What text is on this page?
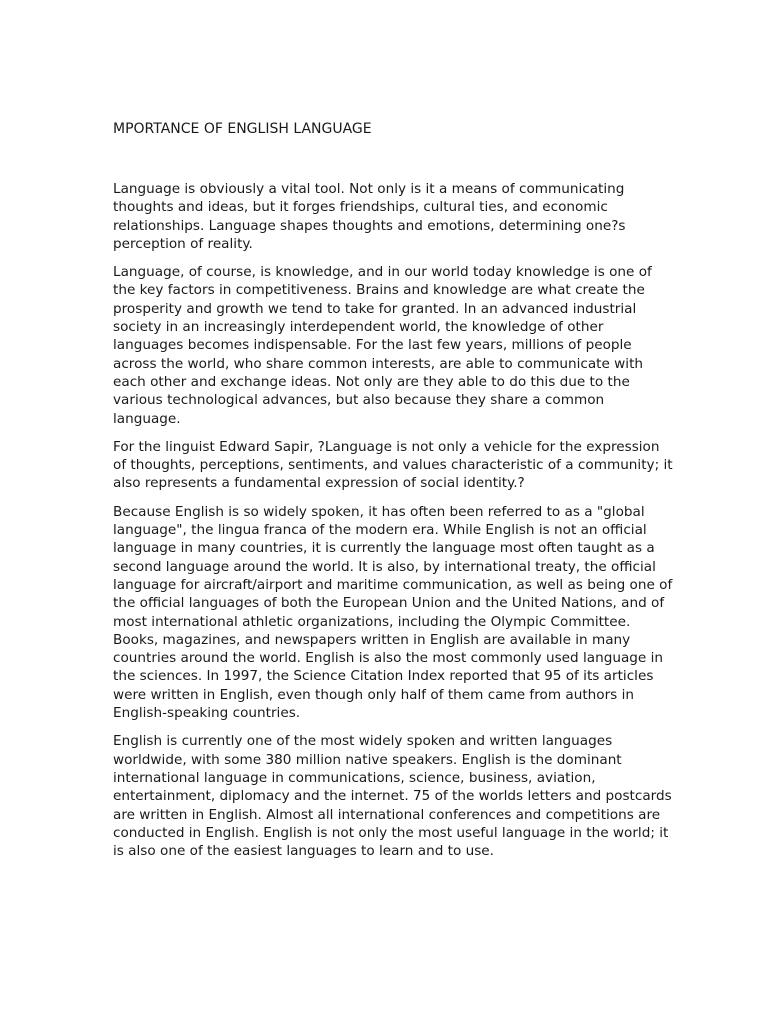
MPORTANCE OF ENGLISH LANGUAGE

Language is obviously a vital tool. Not only is it a means of communicating thoughts and ideas, but it forges friendships, cultural ties, and economic relationships. Language shapes thoughts and emotions, determining one?s perception of reality.

Language, of course, is knowledge, and in our world today knowledge is one of the key factors in competitiveness. Brains and knowledge are what create the prosperity and growth we tend to take for granted. In an advanced industrial society in an increasingly interdependent world, the knowledge of other languages becomes indispensable. For the last few years, millions of people across the world, who share common interests, are able to communicate with each other and exchange ideas. Not only are they able to do this due to the various technological advances, but also because they share a common language.

For the linguist Edward Sapir, ?Language is not only a vehicle for the expression of thoughts, perceptions, sentiments, and values characteristic of a community; it also represents a fundamental expression of social identity.?

Because English is so widely spoken, it has often been referred to as a "global language", the lingua franca of the modern era. While English is not an official language in many countries, it is currently the language most often taught as a second language around the world. It is also, by international treaty, the official language for aircraft/airport and maritime communication, as well as being one of the official languages of both the European Union and the United Nations, and of most international athletic organizations, including the Olympic Committee. Books, magazines, and newspapers written in English are available in many countries around the world. English is also the most commonly used language in the sciences. In 1997, the Science Citation Index reported that 95 of its articles were written in English, even though only half of them came from authors in English-speaking countries.

English is currently one of the most widely spoken and written languages worldwide, with some 380 million native speakers. English is the dominant international language in communications, science, business, aviation, entertainment, diplomacy and the internet. 75 of the worlds letters and postcards are written in English. Almost all international conferences and competitions are conducted in English. English is not only the most useful language in the world; it is also one of the easiest languages to learn and to use.
